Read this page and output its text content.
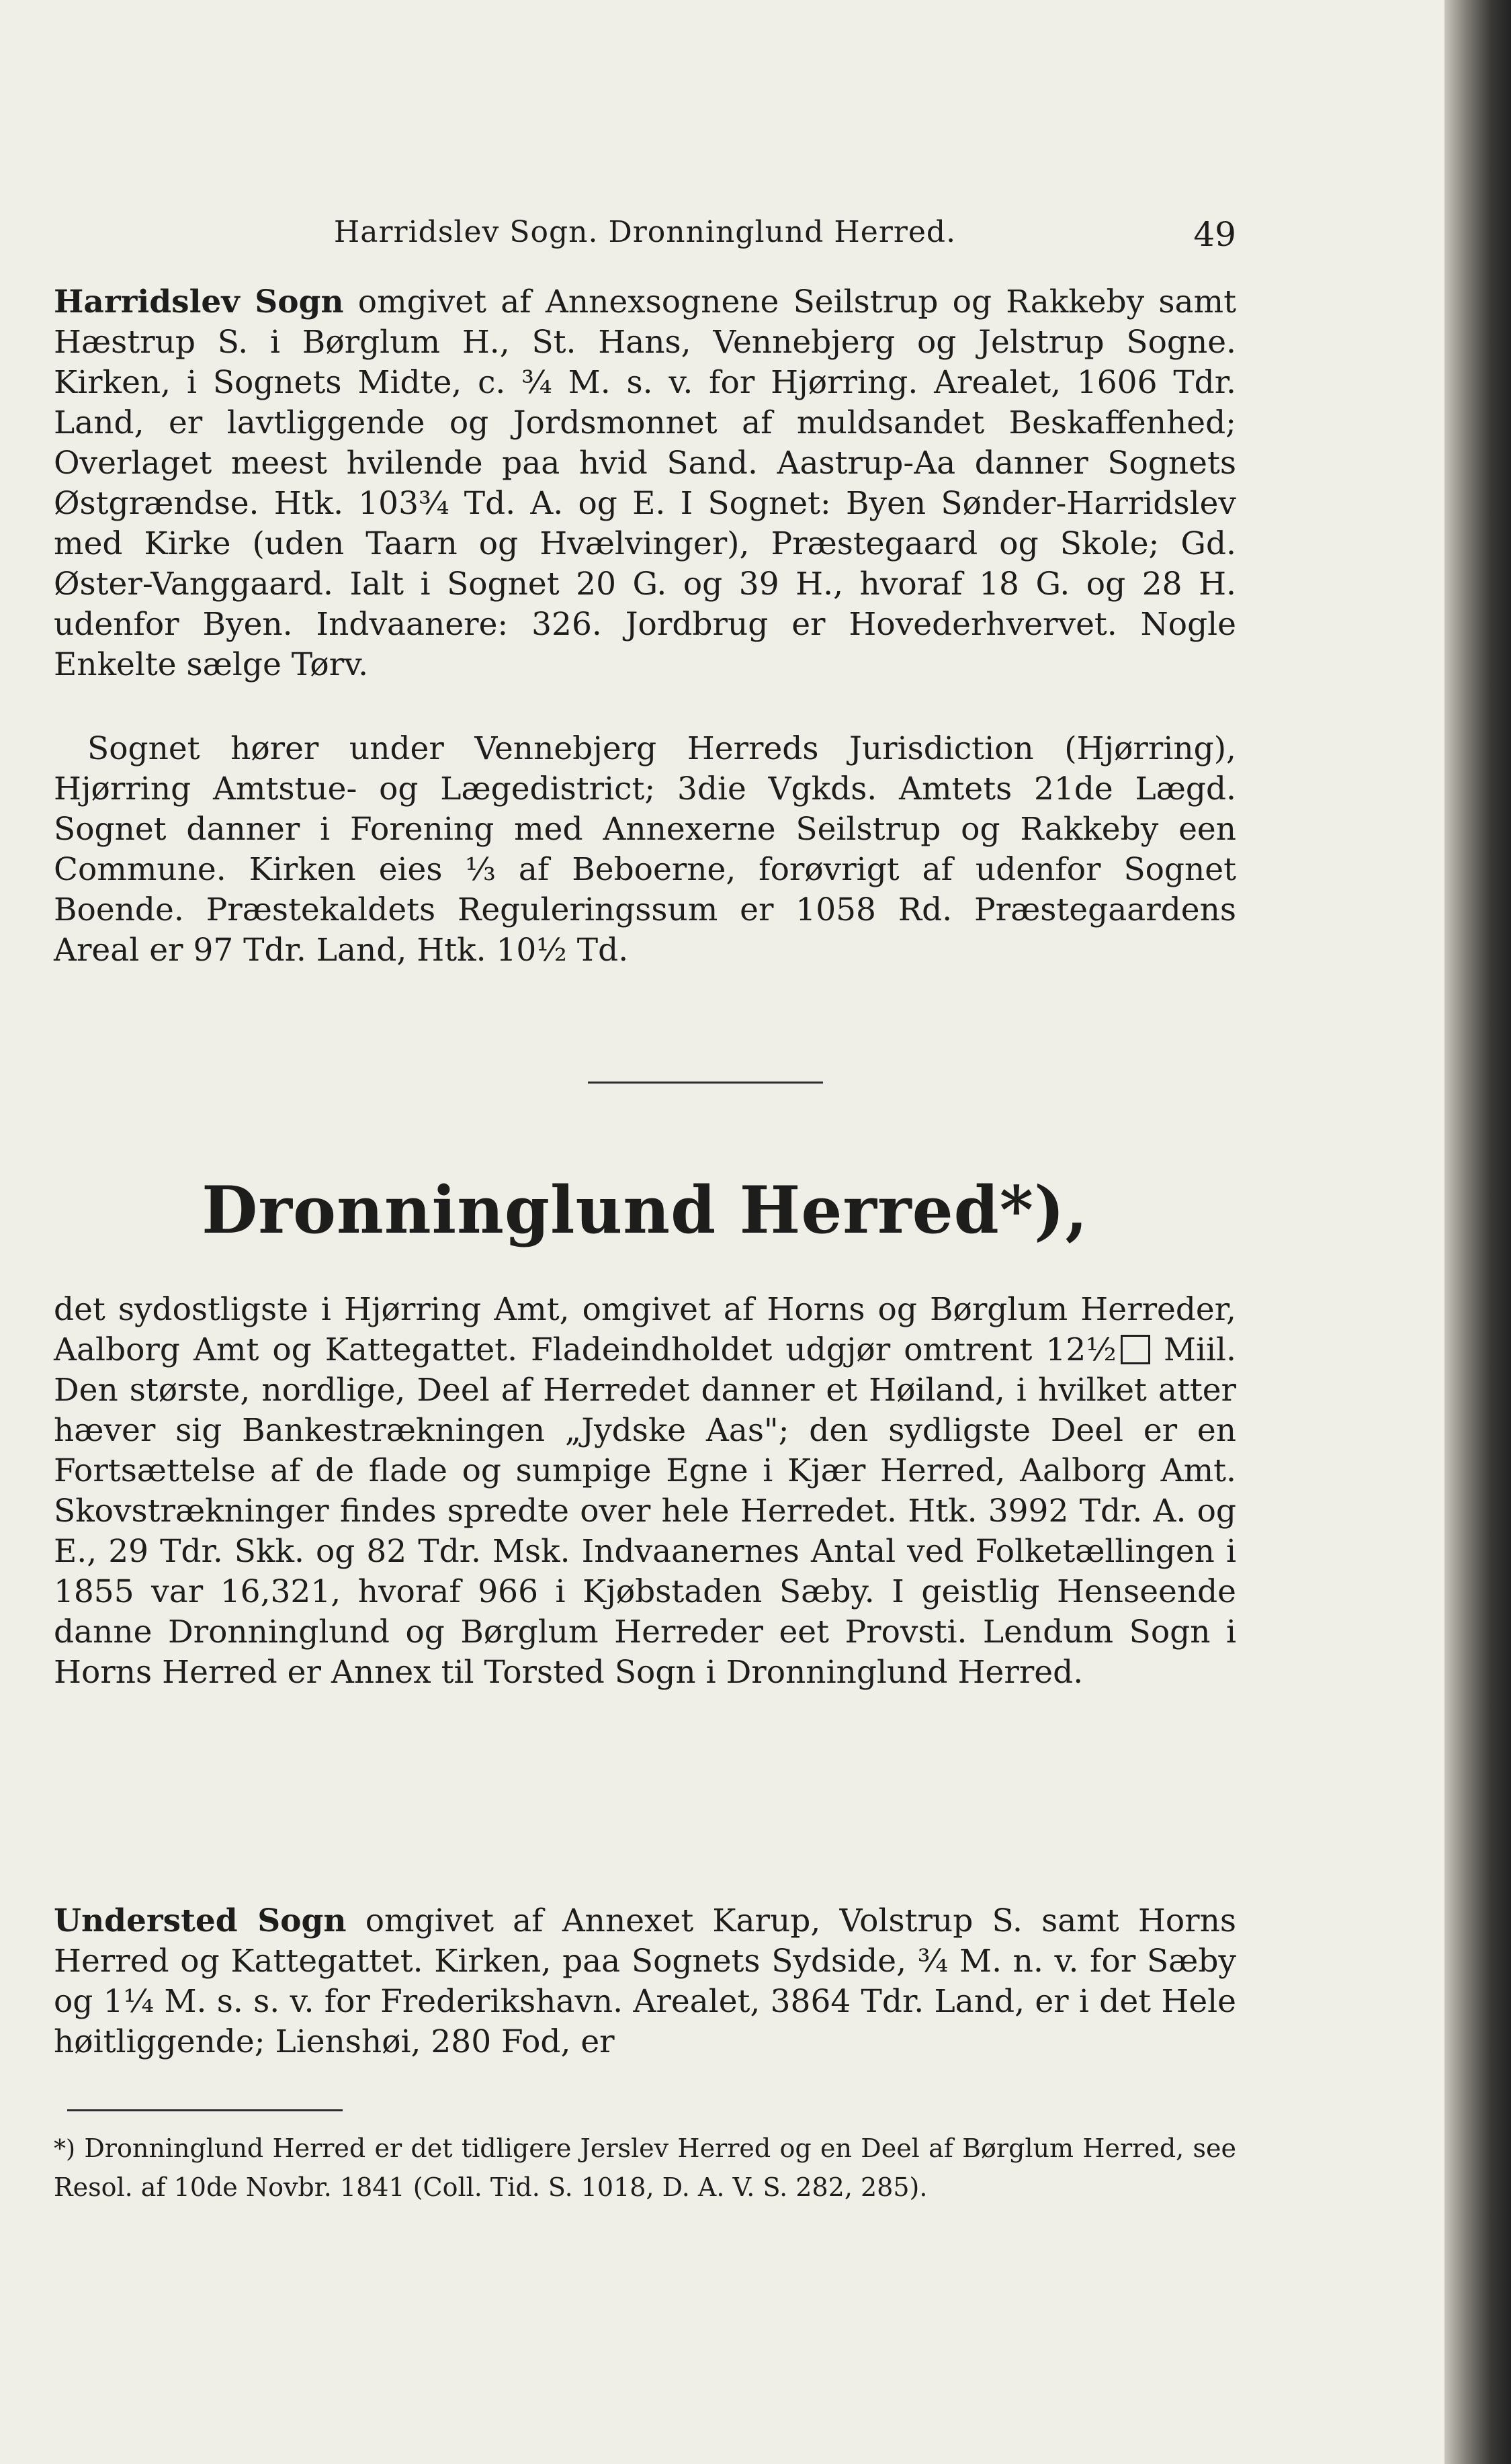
Harridslev Sogn. Dronninglund Herred.	49

Harridslev Sogn omgivet af Annexsognene Seilstrup og Rakkeby samt Hæstrup S. i Børglum H., St. Hans, Vennebjerg og Jelstrup Sogne. Kirken, i Sognets Midte, c. ¾ M. s. v. for Hjørring. Arealet, 1606 Tdr. Land, er lavtliggende og Jordsmonnet af muldsandet Beskaffenhed; Overlaget meest hvilende paa hvid Sand. Aastrup-Aa danner Sognets Østgrændse. Htk. 103¾ Td. A. og E. I Sognet: Byen Sønder-Harridslev med Kirke (uden Taarn og Hvælvinger), Præstegaard og Skole; Gd. Øster-Vanggaard. Ialt i Sognet 20 G. og 39 H., hvoraf 18 G. og 28 H. udenfor Byen. Indvaanere: 326. Jordbrug er Hovederhvervet. Nogle Enkelte sælge Tørv.

Sognet hører under Vennebjerg Herreds Jurisdiction (Hjørring), Hjørring Amtstue- og Lægedistrict; 3die Vgkds. Amtets 21de Lægd. Sognet danner i Forening med Annexerne Seilstrup og Rakkeby een Commune. Kirken eies ⅓ af Beboerne, forøvrigt af udenfor Sognet Boende. Præstekaldets Reguleringssum er 1058 Rd. Præstegaardens Areal er 97 Tdr. Land, Htk. 10½ Td.

Dronninglund Herred*),

det sydostligste i Hjørring Amt, omgivet af Horns og Børglum Herreder, Aalborg Amt og Kattegattet. Fladeindholdet udgjør omtrent 12½ Miil. Den største, nordlige, Deel af Herredet danner et Høiland, i hvilket atter hæver sig Bankestrækningen „Jydske Aas"; den sydligste Deel er en Fortsættelse af de flade og sumpige Egne i Kjær Herred, Aalborg Amt. Skovstrækninger findes spredte over hele Herredet. Htk. 3992 Tdr. A. og E., 29 Tdr. Skk. og 82 Tdr. Msk. Indvaanernes Antal ved Folketællingen i 1855 var 16,321, hvoraf 966 i Kjøbstaden Sæby. I geistlig Henseende danne Dronninglund og Børglum Herreder eet Provsti. Lendum Sogn i Horns Herred er Annex til Torsted Sogn i Dronninglund Herred.

Understed Sogn omgivet af Annexet Karup, Volstrup S. samt Horns Herred og Kattegattet. Kirken, paa Sognets Sydside, ¾ M. n. v. for Sæby og 1¼ M. s. s. v. for Frederikshavn. Arealet, 3864 Tdr. Land, er i det Hele høitliggende; Lienshøi, 280 Fod, er

*) Dronninglund Herred er det tidligere Jerslev Herred og en Deel af Børglum Herred, see Resol. af 10de Novbr. 1841 (Coll. Tid. S. 1018, D. A. V. S. 282, 285).
